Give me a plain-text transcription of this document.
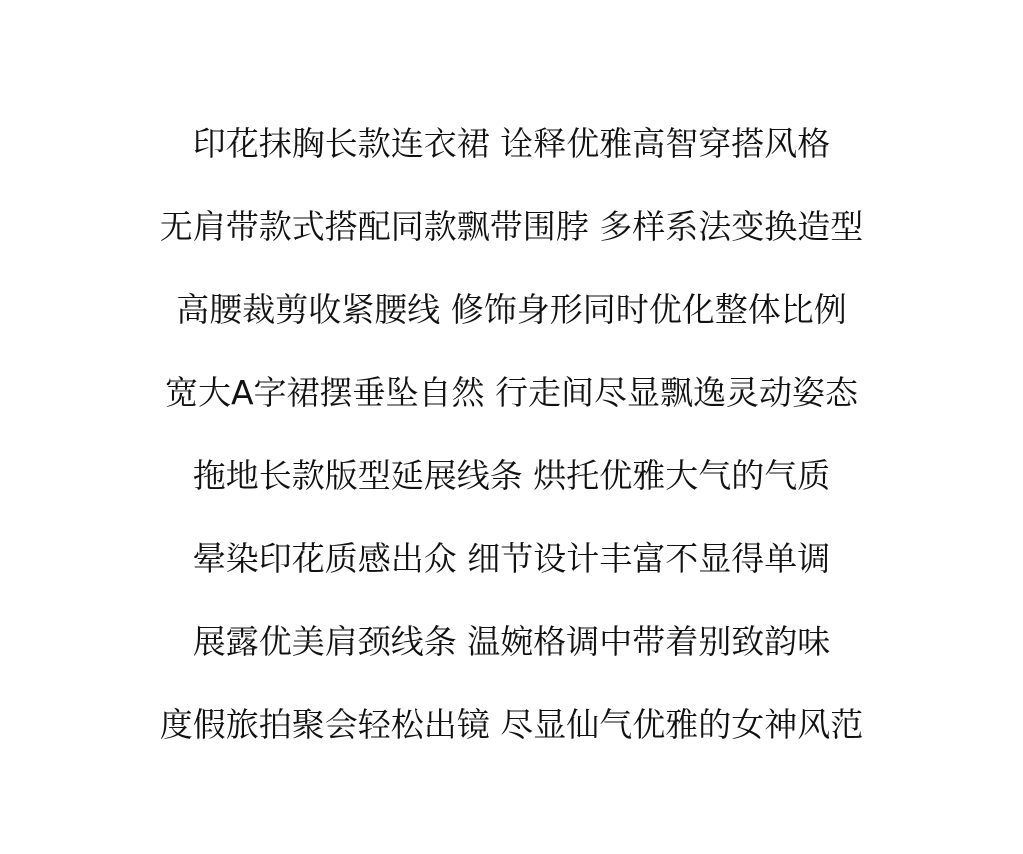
印花抹胸长款连衣裙 诠释优雅高智穿搭风格
无肩带款式搭配同款飘带围脖 多样系法变换造型
高腰裁剪收紧腰线 修饰身形同时优化整体比例
宽大A字裙摆垂坠自然 行走间尽显飘逸灵动姿态
拖地长款版型延展线条 烘托优雅大气的气质
晕染印花质感出众 细节设计丰富不显得单调
展露优美肩颈线条 温婉格调中带着别致韵味
度假旅拍聚会轻松出镜 尽显仙气优雅的女神风范
